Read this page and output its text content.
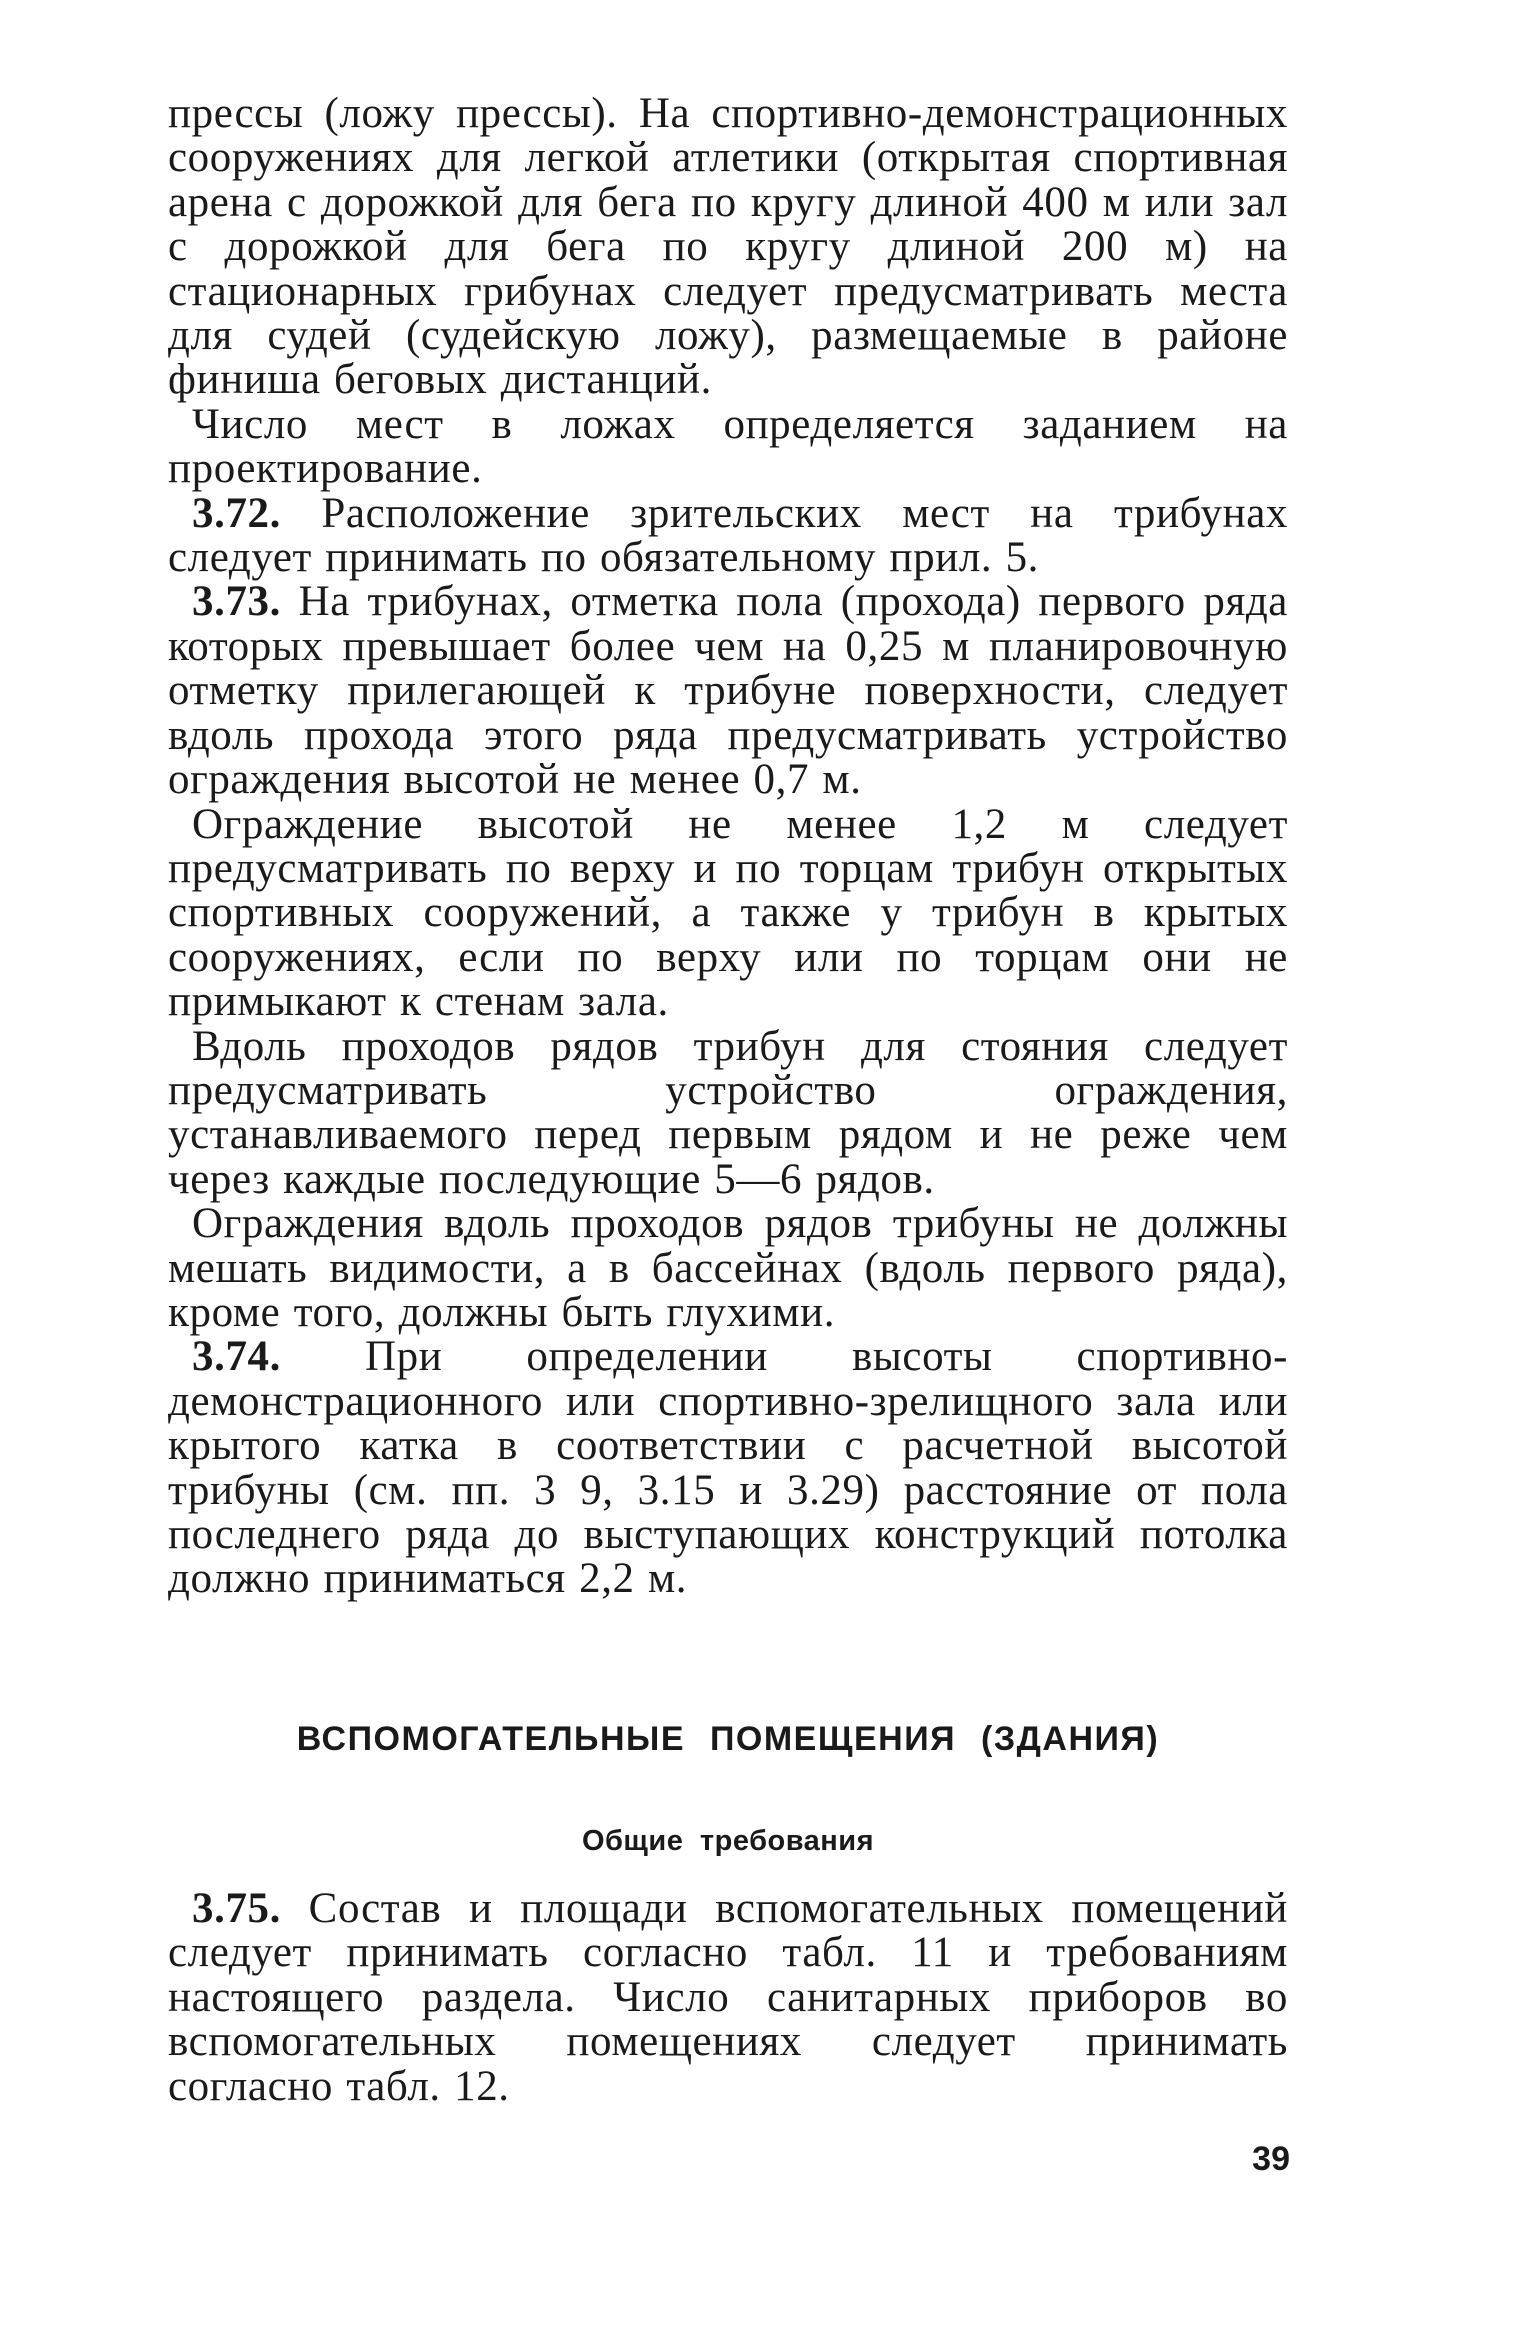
прессы (ложу прессы). На спортивно-демонстрационных сооружениях для легкой атлетики (открытая спортивная арена с дорожкой для бега по кругу длиной 400 м или зал с дорожкой для бега по кругу длиной 200 м) на стационарных грибунах следует предусматривать места для судей (судейскую ложу), размещаемые в районе финиша беговых дистанций.

Число мест в ложах определяется заданием на проектирование.

3.72. Расположение зрительских мест на трибунах следует принимать по обязательному прил. 5.

3.73. На трибунах, отметка пола (прохода) первого ряда которых превышает более чем на 0,25 м планировочную отметку прилегающей к трибуне поверхности, следует вдоль прохода этого ряда предусматривать устройство ограждения высотой не менее 0,7 м.

Ограждение высотой не менее 1,2 м следует предусматривать по верху и по торцам трибун открытых спортивных сооружений, а также у трибун в крытых сооружениях, если по верху или по торцам они не примыкают к стенам зала.

Вдоль проходов рядов трибун для стояния следует предусматривать устройство ограждения, устанавливаемого перед первым рядом и не реже чем через каждые последующие 5—6 рядов.

Ограждения вдоль проходов рядов трибуны не должны мешать видимости, а в бассейнах (вдоль первого ряда), кроме того, должны быть глухими.

3.74. При определении высоты спортивно-демонстрационного или спортивно-зрелищного зала или крытого катка в соответствии с расчетной высотой трибуны (см. пп. 3 9, 3.15 и 3.29) расстояние от пола последнего ряда до выступающих конструкций потолка должно приниматься 2,2 м.

ВСПОМОГАТЕЛЬНЫЕ ПОМЕЩЕНИЯ (ЗДАНИЯ)
Общие требования

3.75. Состав и площади вспомогательных помещений следует принимать согласно табл. 11 и требованиям настоящего раздела. Число санитарных приборов во вспомогательных помещениях следует принимать согласно табл. 12.

39
